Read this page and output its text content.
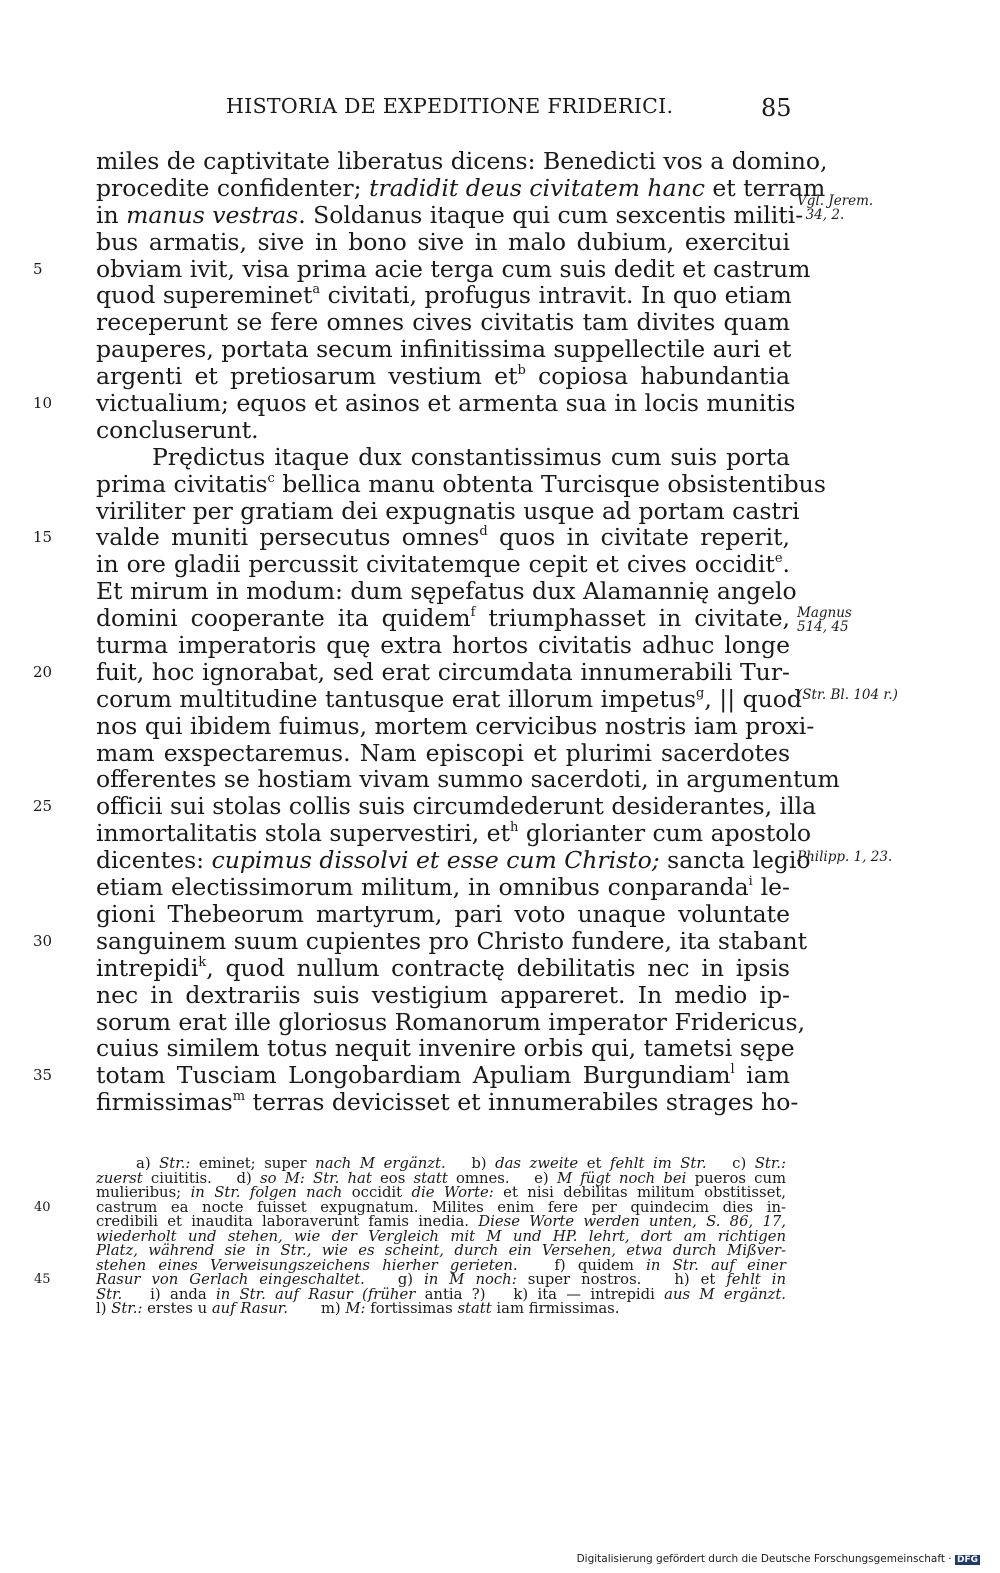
HISTORIA DE EXPEDITIONE FRIDERICI.	85
miles de captivitate liberatus dicens: Benedicti vos a domino,
procedite confidenter; tradidit deus civitatem hanc et terram
in manus vestras. Soldanus itaque qui cum sexcentis militi-
bus armatis, sive in bono sive in malo dubium, exercitui
obviam ivit, visa prima acie terga cum suis dedit et castrum
5
quod supereminet$^a$ civitati, profugus intravit. In quo etiam
receperunt se fere omnes cives civitatis tam divites quam
pauperes, portata secum infinitissima suppellectile auri et
argenti et pretiosarum vestium $et^b$ copiosa habundantia
victualium; equos et asinos et armenta sua in locis munitis
10
concluserunt.
Prędictus itaque dux constantissimus cum suis porta
prima civitatis$^c$ bellica manu obtenta Turcisque obsistentibus
viriliter per gratiam dei expugnatis usque ad portam castri
valde muniti persecutus omnes$^d$ quos in civitate reperit,
15
in ore gladii percussit civitatemque cepit et cives occidit$^e$.
Et mirum in modum: dum sępefatus dux Alamannię angelo
domini cooperante ita quidem$^f$ triumphasset in civitate,
turma imperatoris quę extra hortos civitatis adhuc longe
fuit, hoc ignorabat, sed erat circumdata innumerabili Tur-
20
corum multitudine tantusque erat illorum impetus$^g$, || quod
nos qui ibidem fuimus, mortem cervicibus nostris iam proxi-
mam exspectaremus. Nam episcopi et plurimi sacerdotes
offerentes se hostiam vivam summo sacerdoti, in argumentum
officii sui stolas collis suis circumdederunt desiderantes, illa
25
inmortalitatis stola supervestiri, $et^h$ glorianter cum apostolo
dicentes: cupimus dissolvi et esse cum Christo; sancta legio
etiam electissimorum militum, in omnibus conparanda$^i$ le-
gioni Thebeorum martyrum, pari voto unaque voluntate
sanguinem suum cupientes pro Christo fundere, ita stabant
30
intrepidi$^k$, quod nullum contractę debilitatis nec in ipsis
nec in dextrariis suis vestigium appareret. In medio ip-
sorum erat ille gloriosus Romanorum imperator Fridericus,
cuius similem totus nequit invenire orbis qui, tametsi sępe
totam Tusciam Longobardiam Apuliam Burgundiam$^l$ iam
35
firmissimas$^m$ terras devicisset et innumerabiles strages ho-
Vgl. Jerem.
34, 2.
Magnus
514, 45
(Str. Bl. 104 r.)
Philipp. 1, 23.
a) Str.: eminet; super nach M ergänzt.   b) das zweite et fehlt im Str.   c) Str.:
zuerst ciuititis.   d) so M: Str. hat eos statt omnes.   e) M fügt noch bei pueros cum
mulieribus; in Str. folgen nach occidit die Worte: et nisi debilitas militum obstitisset,
castrum ea nocte fuisset expugnatum. Milites enim fere per quindecim dies in-
40
credibili et inaudita laboraverunt famis inedia. Diese Worte werden unten, S. 86, 17,
wiederholt und stehen, wie der Vergleich mit M und HP. lehrt, dort am richtigen
Platz, während sie in Str., wie es scheint, durch ein Versehen, etwa durch Mißver-
stehen eines Verweisungszeichens hierher gerieten.   f) quidem in Str. auf einer
Rasur von Gerlach eingeschaltet.   g) in M noch: super nostros.   h) et fehlt in
45
Str.   i) anda in Str. auf Rasur (früher antia ?)   k) ita — intrepidi aus M ergänzt.
l) Str.: erstes u auf Rasur.       m) M: fortissimas statt iam firmissimas.
Digitalisierung gefördert durch die Deutsche Forschungsgemeinschaft · DFG
